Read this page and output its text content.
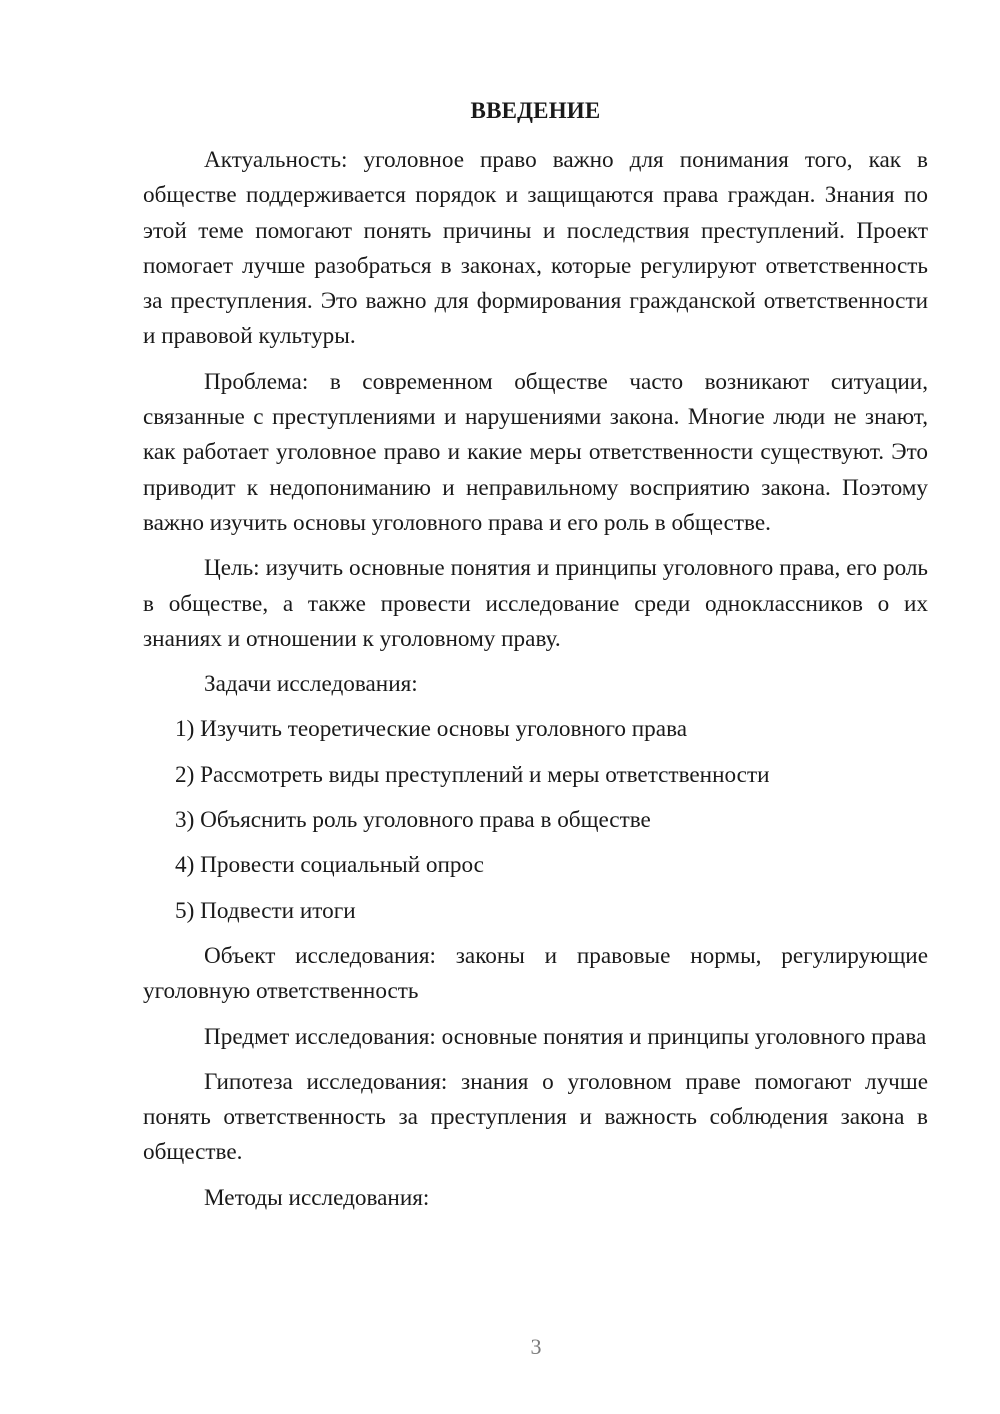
ВВЕДЕНИЕ

Актуальность: уголовное право важно для понимания того, как в обществе поддерживается порядок и защищаются права граждан. Знания по этой теме помогают понять причины и последствия преступлений. Проект помогает лучше разобраться в законах, которые регулируют ответственность за преступления. Это важно для формирования гражданской ответственности и правовой культуры.

Проблема: в современном обществе часто возникают ситуации, связанные с преступлениями и нарушениями закона. Многие люди не знают, как работает уголовное право и какие меры ответственности существуют. Это приводит к недопониманию и неправильному восприятию закона. Поэтому важно изучить основы уголовного права и его роль в обществе.

Цель: изучить основные понятия и принципы уголовного права, его роль в обществе, а также провести исследование среди одноклассников о их знаниях и отношении к уголовному праву.

Задачи исследования:

1) Изучить теоретические основы уголовного права
2) Рассмотреть виды преступлений и меры ответственности
3) Объяснить роль уголовного права в обществе
4) Провести социальный опрос
5) Подвести итоги

Объект исследования: законы и правовые нормы, регулирующие уголовную ответственность

Предмет исследования: основные понятия и принципы уголовного права

Гипотеза исследования: знания о уголовном праве помогают лучше понять ответственность за преступления и важность соблюдения закона в обществе.

Методы исследования:

3
